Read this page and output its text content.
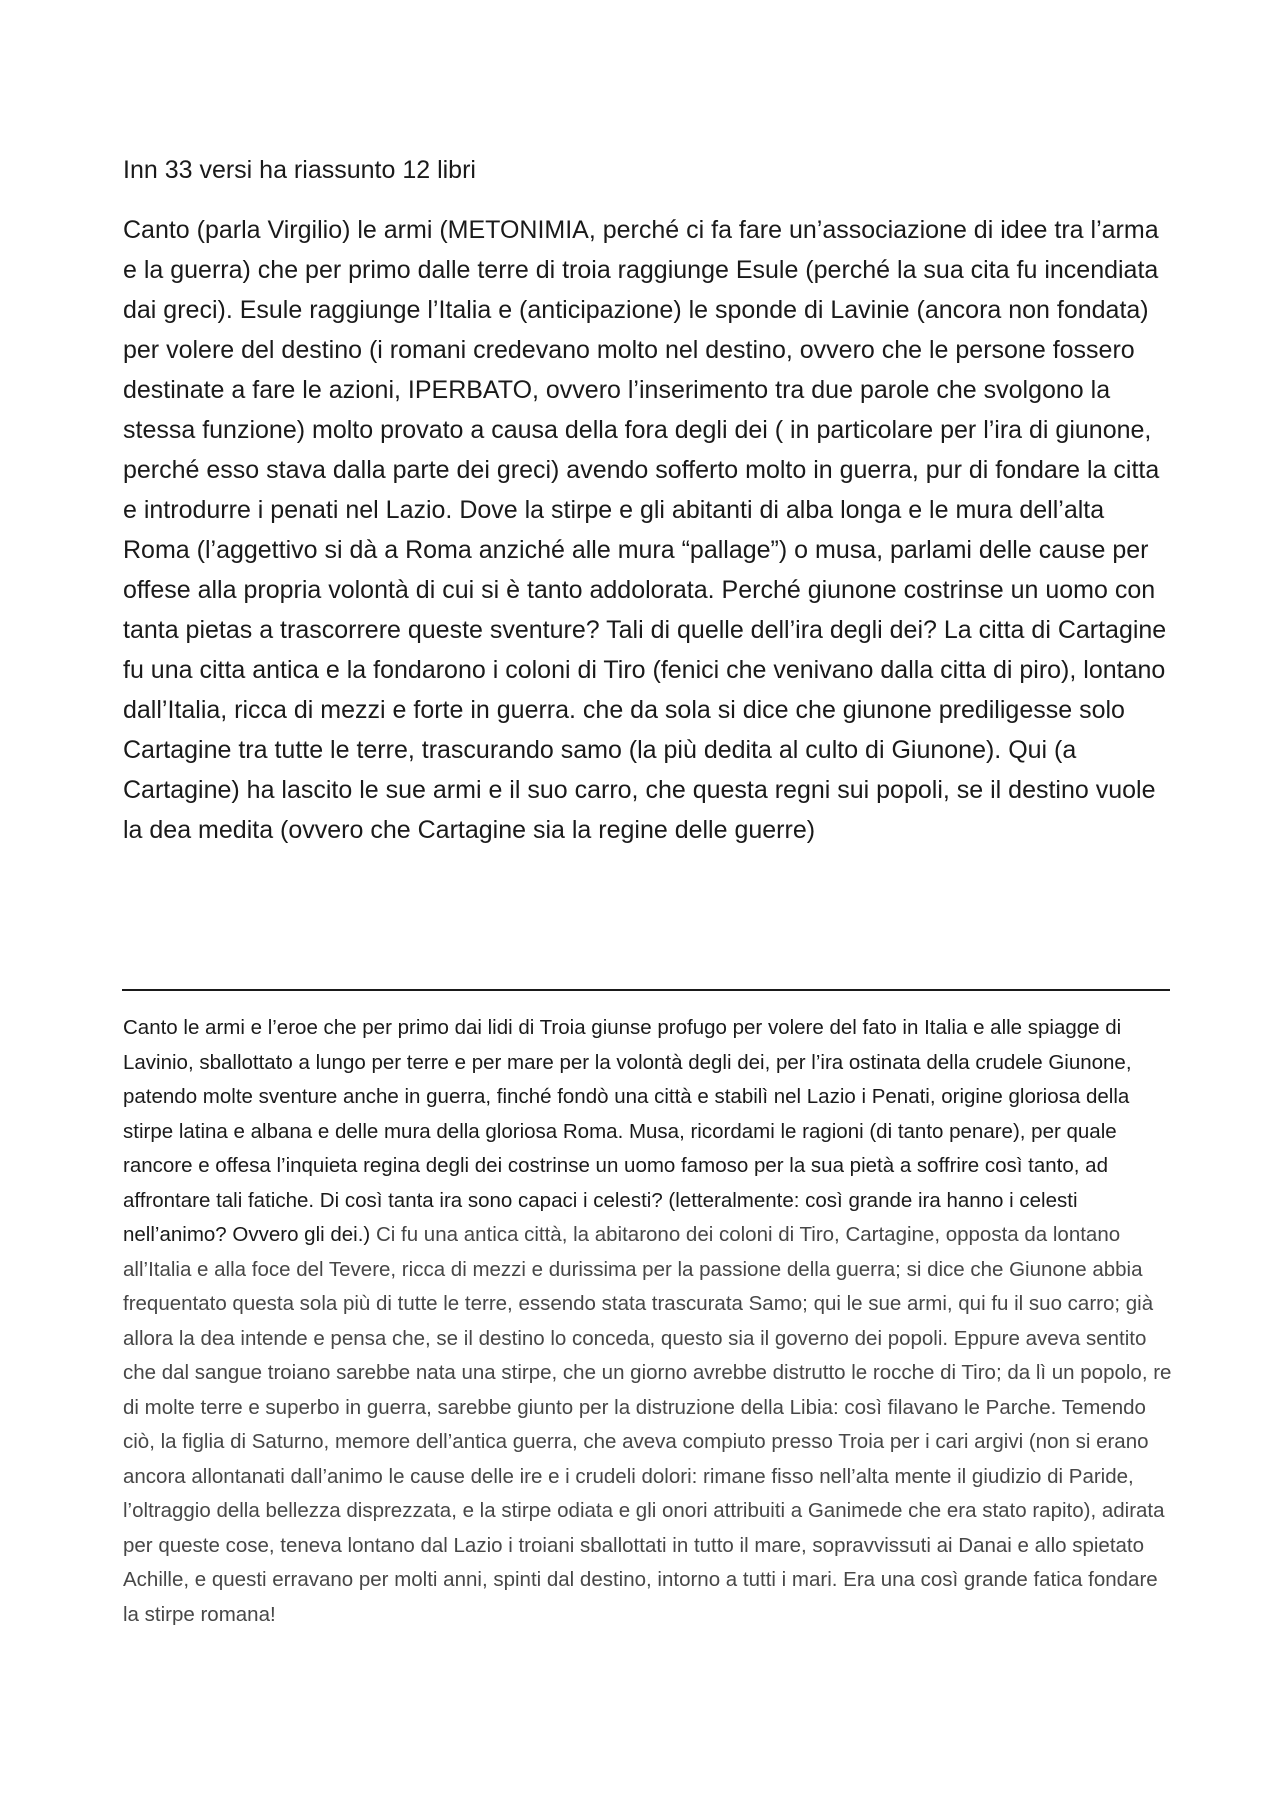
Inn 33 versi ha riassunto 12 libri

Canto (parla Virgilio) le armi (METONIMIA, perché ci fa fare un’associazione di idee tra l’arma e la guerra) che per primo dalle terre di troia raggiunge Esule (perché la sua cita fu incendiata dai greci). Esule raggiunge l’Italia e (anticipazione) le sponde di Lavinie (ancora non fondata) per volere del destino (i romani credevano molto nel destino, ovvero che le persone fossero destinate a fare le azioni, IPERBATO, ovvero l’inserimento tra due parole che svolgono la stessa funzione) molto provato a causa della fora degli dei ( in particolare per l’ira di giunone, perché esso stava dalla parte dei greci) avendo sofferto molto in guerra, pur di fondare la citta e introdurre i penati nel Lazio. Dove la stirpe e gli abitanti di alba longa e le mura dell’alta Roma (l’aggettivo si dà a Roma anziché alle mura “pallage”) o musa, parlami delle cause per offese alla propria volontà di cui si è tanto addolorata. Perché giunone costrinse un uomo con tanta pietas a trascorrere queste sventure? Tali di quelle dell’ira degli dei? La citta di Cartagine fu una citta antica e la fondarono i coloni di Tiro (fenici che venivano dalla citta di piro), lontano dall’Italia, ricca di mezzi e forte in guerra. che da sola si dice che giunone prediligesse solo Cartagine tra tutte le terre, trascurando samo (la più dedita al culto di Giunone). Qui (a Cartagine) ha lascito le sue armi e il suo carro, che questa regni sui popoli, se il destino vuole la dea medita (ovvero che Cartagine sia la regine delle guerre)

Canto le armi e l’eroe che per primo dai lidi di Troia giunse profugo per volere del fato in Italia e alle spiagge di Lavinio, sballottato a lungo per terre e per mare per la volontà degli dei, per l’ira ostinata della crudele Giunone, patendo molte sventure anche in guerra, finché fondò una città e stabilì nel Lazio i Penati, origine gloriosa della stirpe latina e albana e delle mura della gloriosa Roma. Musa, ricordami le ragioni (di tanto penare), per quale rancore e offesa l’inquieta regina degli dei costrinse un uomo famoso per la sua pietà a soffrire così tanto, ad affrontare tali fatiche. Di così tanta ira sono capaci i celesti? (letteralmente: così grande ira hanno i celesti nell’animo? Ovvero gli dei.) Ci fu una antica città, la abitarono dei coloni di Tiro, Cartagine, opposta da lontano all’Italia e alla foce del Tevere, ricca di mezzi e durissima per la passione della guerra; si dice che Giunone abbia frequentato questa sola più di tutte le terre, essendo stata trascurata Samo; qui le sue armi, qui fu il suo carro; già allora la dea intende e pensa che, se il destino lo conceda, questo sia il governo dei popoli. Eppure aveva sentito che dal sangue troiano sarebbe nata una stirpe, che un giorno avrebbe distrutto le rocche di Tiro; da lì un popolo, re di molte terre e superbo in guerra, sarebbe giunto per la distruzione della Libia: così filavano le Parche. Temendo ciò, la figlia di Saturno, memore dell’antica guerra, che aveva compiuto presso Troia per i cari argivi (non si erano ancora allontanati dall’animo le cause delle ire e i crudeli dolori: rimane fisso nell’alta mente il giudizio di Paride, l’oltraggio della bellezza disprezzata, e la stirpe odiata e gli onori attribuiti a Ganimede che era stato rapito), adirata per queste cose, teneva lontano dal Lazio i troiani sballottati in tutto il mare, sopravvissuti ai Danai e allo spietato Achille, e questi erravano per molti anni, spinti dal destino, intorno a tutti i mari. Era una così grande fatica fondare la stirpe romana!
